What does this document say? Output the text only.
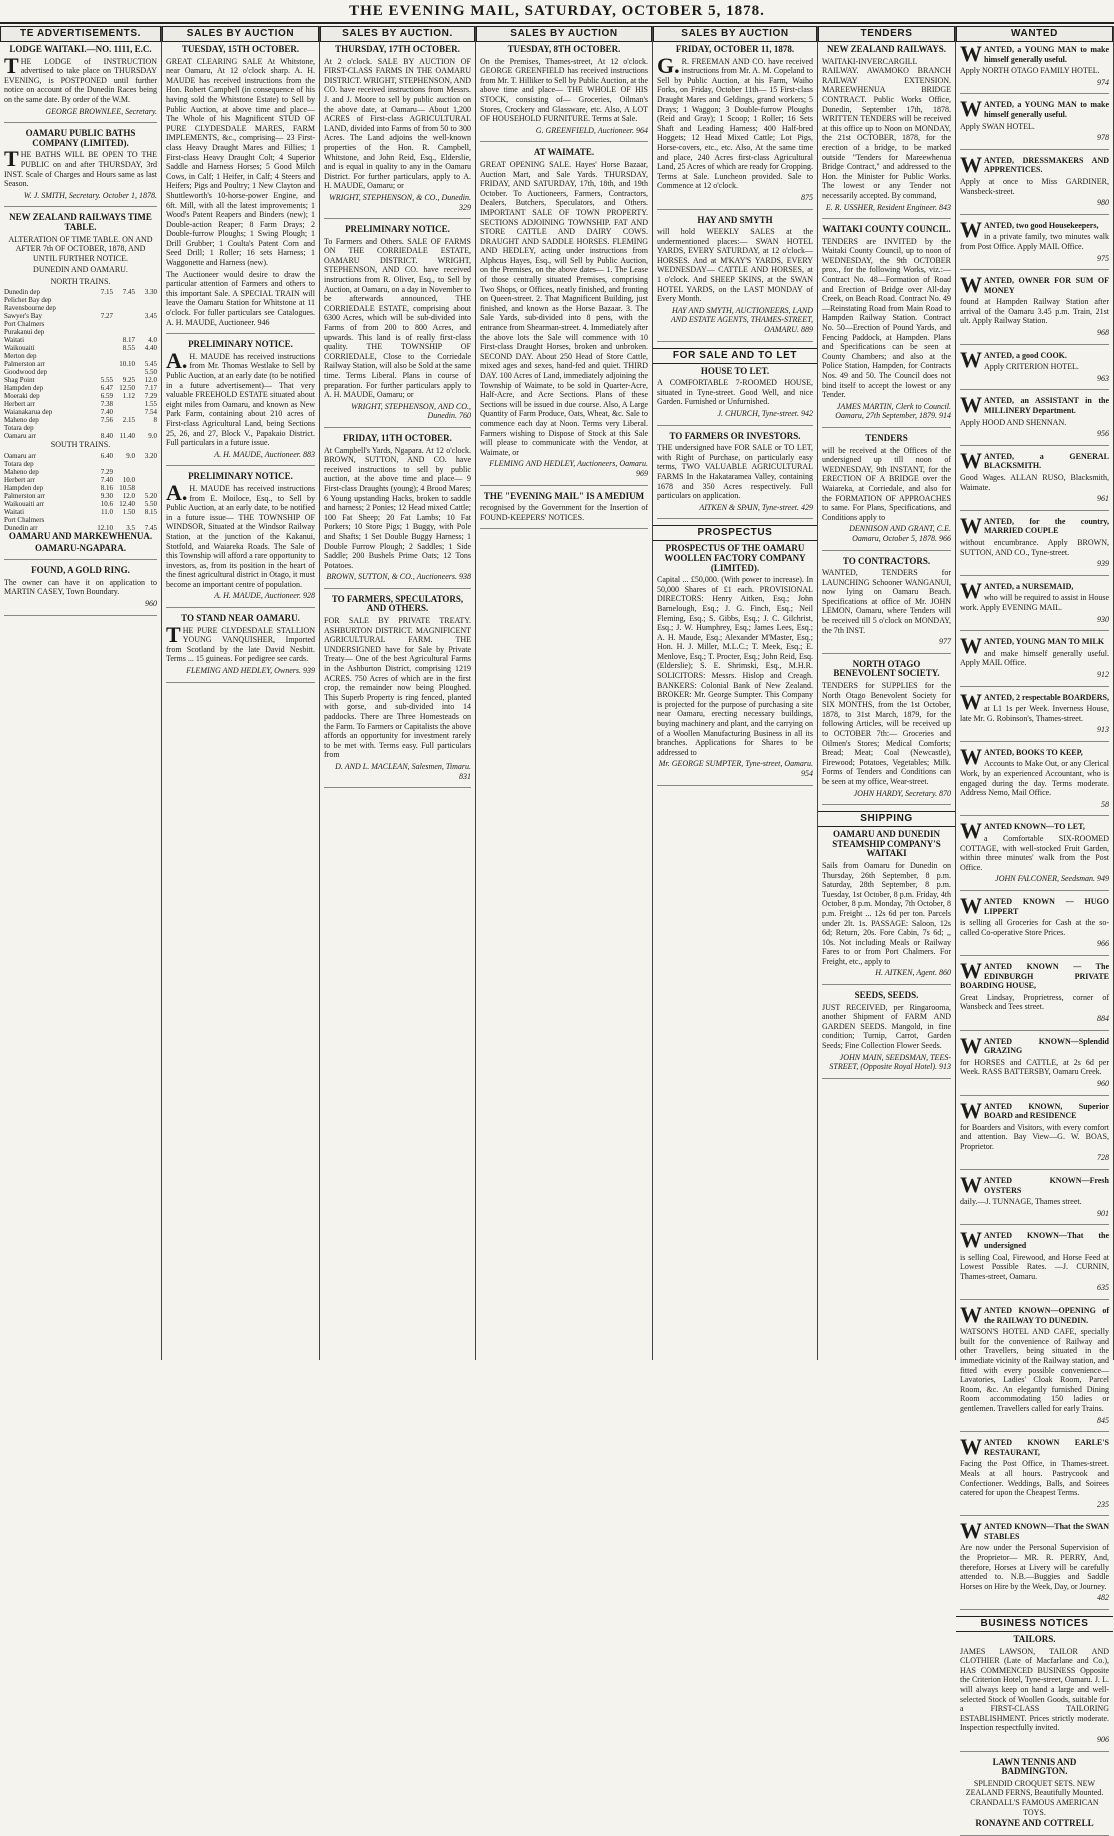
THE EVENING MAIL, SATURDAY, OCTOBER 5, 1878.
TE ADVERTISEMENTS.

LODGE WAITAKI.—NO. 1111, E.C.

THE LODGE of INSTRUCTION advertised to take place on THURSDAY EVENING, is POSTPONED until further notice on account of the Dunedin Races being on the same date. By order of the W.M.

GEORGE BROWNLEE, Secretary.

OAMARU PUBLIC BATHS COMPANY (LIMITED).

THE BATHS WILL BE OPEN TO THE PUBLIC on and after THURSDAY, 3rd INST. Scale of Charges and Hours same as last Season.

W. J. SMITH, Secretary. October 1, 1878.

NEW ZEALAND RAILWAYS TIME TABLE.

ALTERATION OF TIME TABLE. ON AND AFTER 7th OF OCTOBER, 1878, AND UNTIL FURTHER NOTICE.

DUNEDIN AND OAMARU.

NORTH TRAINS.

Dunedin dep	7.15	7.45	3.30
Pelichet Bay dep			
Ravensbourne dep			
Sawyer's Bay	7.27		3.45
Port Chalmers			
Purakanui dep			
Waitati		8.17	4.0
Waikouaiti		8.55	4.40
Merton dep			
Palmerston arr		10.10	5.45
Goodwood dep			5.50
Shag Point	5.55	9.25	12.0
Hampden dep	6.47	12.50	7.17
Moeraki dep	6.59	1.12	7.29
Herbert arr	7.38		1.55
Waianakarua dep	7.40		7.54
Maheno dep	7.56	2.15	8
Totara dep			
Oamaru arr	8.40	11.40	9.0

SOUTH TRAINS.

Oamaru arr	6.40	9.0	3.20
Totara dep			
Maheno dep	7.29		
Herbert arr	7.40	10.0	
Hampden dep	8.16	10.58	
Palmerston arr	9.30	12.0	5.20
Waikouaiti arr	10.6	12.40	5.50
Waitati	11.0	1.50	8.15
Port Chalmers			
Dunedin arr	12.10	3.5	7.45

OAMARU AND MARKEWHENUA.

OAMARU-NGAPARA.

FOUND, A GOLD RING.

The owner can have it on application to MARTIN CASEY, Town Boundary.

960

SALES BY AUCTION

TUESDAY, 15TH OCTOBER.

GREAT CLEARING SALE At Whitstone, near Oamaru, At 12 o'clock sharp. A. H. MAUDE has received instructions from the Hon. Robert Campbell (in consequence of his having sold the Whitstone Estate) to Sell by Public Auction, at above time and place— The Whole of his Magnificent STUD OF PURE CLYDESDALE MARES, FARM IMPLEMENTS, &c., comprising— 23 First-class Heavy Draught Mares and Fillies; 1 First-class Heavy Draught Colt; 4 Superior Saddle and Harness Horses; 5 Good Milch Cows, in Calf; 1 Heifer, in Calf; 4 Steers and Heifers; Pigs and Poultry; 1 New Clayton and Shuttleworth's 10-horse-power Engine, and 6ft. Mill, with all the latest improvements; 1 Wood's Patent Reapers and Binders (new); 1 Double-action Reaper; 8 Farm Drays; 2 Double-furrow Ploughs; 1 Swing Plough; 1 Drill Grubber; 1 Coulta's Patent Corn and Seed Drill; 1 Roller; 16 sets Harness; 1 Waggonette and Harness (new).

The Auctioneer would desire to draw the particular attention of Farmers and others to this important Sale. A SPECIAL TRAIN will leave the Oamaru Station for Whitstone at 11 o'clock. For fuller particulars see Catalogues. A. H. MAUDE, Auctioneer. 946

PRELIMINARY NOTICE.

A.H. MAUDE has received instructions from Mr. Thomas Westlake to Sell by Public Auction, at an early date (to be notified in a future advertisement)— That very valuable FREEHOLD ESTATE situated about eight miles from Oamaru, and known as New Park Farm, containing about 210 acres of First-class Agricultural Land, being Sections 25, 26, and 27, Block V., Papakaio District. Full particulars in a future issue.

A. H. MAUDE, Auctioneer. 883

PRELIMINARY NOTICE.

A.H. MAUDE has received instructions from E. Moiloce, Esq., to Sell by Public Auction, at an early date, to be notified in a future issue— THE TOWNSHIP OF WINDSOR, Situated at the Windsor Railway Station, at the junction of the Kakanui, Stotfold, and Waiareka Roads. The Sale of this Township will afford a rare opportunity to investors, as, from its position in the heart of the finest agricultural district in Otago, it must become an important centre of population.

A. H. MAUDE, Auctioneer. 928

TO STAND NEAR OAMARU.

THE PURE CLYDESDALE STALLION YOUNG VANQUISHER, Imported from Scotland by the late David Nesbitt. Terms ... 15 guineas. For pedigree see cards.

FLEMING AND HEDLEY, Owners. 939

SALES BY AUCTION.

THURSDAY, 17TH OCTOBER.

At 2 o'clock. SALE BY AUCTION OF FIRST-CLASS FARMS IN THE OAMARU DISTRICT. WRIGHT, STEPHENSON, AND CO. have received instructions from Messrs. J. and J. Moore to sell by public auction on the above date, at Oamaru— About 1,200 ACRES of First-class AGRICULTURAL LAND, divided into Farms of from 50 to 300 Acres. The Land adjoins the well-known properties of the Hon. R. Campbell, Whitstone, and John Reid, Esq., Elderslie, and is equal in quality to any in the Oamaru District. For further particulars, apply to A. H. MAUDE, Oamaru; or

WRIGHT, STEPHENSON, & CO., Dunedin. 329

PRELIMINARY NOTICE.

To Farmers and Others. SALE OF FARMS ON THE CORRIEDALE ESTATE, OAMARU DISTRICT. WRIGHT, STEPHENSON, AND CO. have received instructions from R. Oliver, Esq., to Sell by Auction, at Oamaru, on a day in November to be afterwards announced, THE CORRIEDALE ESTATE, comprising about 6300 Acres, which will be sub-divided into Farms of from 200 to 800 Acres, and upwards. This land is of really first-class quality. THE TOWNSHIP OF CORRIEDALE, Close to the Corriedale Railway Station, will also be Sold at the same time. Terms Liberal. Plans in course of preparation. For further particulars apply to A. H. MAUDE, Oamaru; or

WRIGHT, STEPHENSON, AND CO., Dunedin. 760

FRIDAY, 11TH OCTOBER.

At Campbell's Yards, Ngapara. At 12 o'clock. BROWN, SUTTON, AND CO. have received instructions to sell by public auction, at the above time and place— 9 First-class Draughts (young); 4 Brood Mares; 6 Young upstanding Hacks, broken to saddle and harness; 2 Ponies; 12 Head mixed Cattle; 100 Fat Sheep; 20 Fat Lambs; 10 Fat Porkers; 10 Store Pigs; 1 Buggy, with Pole and Shafts; 1 Set Double Buggy Harness; 1 Double Furrow Plough; 2 Saddles; 1 Side Saddle; 200 Bushels Prime Oats; 12 Tons Potatoes.

BROWN, SUTTON, & CO., Auctioneers. 938

TO FARMERS, SPECULATORS, AND OTHERS.

FOR SALE BY PRIVATE TREATY. ASHBURTON DISTRICT. MAGNIFICENT AGRICULTURAL FARM. THE UNDERSIGNED have for Sale by Private Treaty— One of the best Agricultural Farms in the Ashburton District, comprising 1219 ACRES. 750 Acres of which are in the first crop, the remainder now being Ploughed. This Superb Property is ring fenced, planted with gorse, and sub-divided into 14 paddocks. There are Three Homesteads on the Farm. To Farmers or Capitalists the above affords an opportunity for investment rarely to be met with. Terms easy. Full particulars from

D. AND L. MACLEAN, Salesmen, Timaru. 831

SALES BY AUCTION

TUESDAY, 8TH OCTOBER.

On the Premises, Thames-street, At 12 o'clock. GEORGE GREENFIELD has received instructions from Mr. T. Hilliker to Sell by Public Auction, at the above time and place— THE WHOLE OF HIS STOCK, consisting of— Groceries, Oilman's Stores, Crockery and Glassware, etc. Also, A LOT OF HOUSEHOLD FURNITURE. Terms at Sale.

G. GREENFIELD, Auctioneer. 964

AT WAIMATE.

GREAT OPENING SALE. Hayes' Horse Bazaar, Auction Mart, and Sale Yards. THURSDAY, FRIDAY, AND SATURDAY, 17th, 18th, and 19th October. To Auctioneers, Farmers, Contractors, Dealers, Butchers, Speculators, and Others. IMPORTANT SALE OF TOWN PROPERTY. SECTIONS ADJOINING TOWNSHIP. FAT AND STORE CATTLE AND DAIRY COWS. DRAUGHT AND SADDLE HORSES. FLEMING AND HEDLEY, acting under instructions from Alphcus Hayes, Esq., will Sell by Public Auction, on the Premises, on the above dates— 1. The Lease of those centrally situated Premises, comprising Two Shops, or Offices, neatly finished, and fronting on Queen-street. 2. That Magnificent Building, just finished, and known as the Horse Bazaar. 3. The Sale Yards, sub-divided into 8 pens, with the entrance from Shearman-street. 4. Immediately after the above lots the Sale will commence with 10 First-class Draught Horses, broken and unbroken. SECOND DAY. About 250 Head of Store Cattle, mixed ages and sexes, hand-fed and quiet. THIRD DAY. 100 Acres of Land, immediately adjoining the Township of Waimate, to be sold in Quarter-Acre, Half-Acre, and Acre Sections. Plans of these Sections will be issued in due course. Also, A Large Quantity of Farm Produce, Oats, Wheat, &c. Sale to commence each day at Noon. Terms very Liberal. Farmers wishing to Dispose of Stock at this Sale will please to communicate with the Vendor, at Waimate, or

FLEMING AND HEDLEY, Auctioneers, Oamaru. 969

THE "EVENING MAIL" IS A MEDIUM

recognised by the Government for the Insertion of FOUND-KEEPERS' NOTICES.

SALES BY AUCTION

FRIDAY, OCTOBER 11, 1878.

G.R. FREEMAN AND CO. have received instructions from Mr. A. M. Copeland to Sell by Public Auction, at his Farm, Waiho Forks, on Friday, October 11th— 15 First-class Draught Mares and Geldings, grand workers; 5 Drays; 1 Waggon; 3 Double-furrow Ploughs (Reid and Gray); 1 Scoop; 1 Roller; 16 Sets Shaft and Leading Harness; 400 Half-bred Hoggets; 12 Head Mixed Cattle; Lot Pigs, Horse-covers, etc., etc. Also, At the same time and place, 240 Acres first-class Agricultural Land, 25 Acres of which are ready for Cropping. Terms at Sale. Luncheon provided. Sale to Commence at 12 o'clock.

875

HAY AND SMYTH

will hold WEEKLY SALES at the undermentioned places:— SWAN HOTEL YARDS, EVERY SATURDAY, at 12 o'clock— HORSES. And at M'KAY'S YARDS, EVERY WEDNESDAY— CATTLE AND HORSES, at 1 o'clock. And SHEEP SKINS, at the SWAN HOTEL YARDS, on the LAST MONDAY of Every Month.

HAY AND SMYTH, AUCTIONEERS, LAND AND ESTATE AGENTS, THAMES-STREET, OAMARU. 889

FOR SALE AND TO LET

HOUSE TO LET.

A COMFORTABLE 7-ROOMED HOUSE, situated in Tyne-street. Good Well, and nice Garden. Furnished or Unfurnished.

J. CHURCH, Tyne-street. 942

TO FARMERS OR INVESTORS.

THE undersigned have FOR SALE or TO LET, with Right of Purchase, on particularly easy terms, TWO VALUABLE AGRICULTURAL FARMS In the Hakataramea Valley, containing 1678 and 350 Acres respectively. Full particulars on application.

AITKEN & SPAIN, Tyne-street. 429

PROSPECTUS

PROSPECTUS OF THE OAMARU WOOLLEN FACTORY COMPANY (LIMITED).

Capital ... £50,000. (With power to increase). In 50,000 Shares of £1 each. PROVISIONAL DIRECTORS: Henry Aitken, Esq.; John Barnelough, Esq.; J. G. Finch, Esq.; Neil Fleming, Esq.; S. Gibbs, Esq.; J. C. Gilchrist, Esq.; J. W. Humphrey, Esq.; James Lees, Esq.; A. H. Maude, Esq.; Alexander M'Master, Esq.; Hon. H. J. Miller, M.L.C.; T. Meek, Esq.; E. Menlove, Esq.; T. Procter, Esq.; John Reid, Esq. (Elderslie); S. E. Shrimski, Esq., M.H.R. SOLICITORS: Messrs. Hislop and Creagh. BANKERS: Colonial Bank of New Zealand. BROKER: Mr. George Sumpter. This Company is projected for the purpose of purchasing a site near Oamaru, erecting necessary buildings, buying machinery and plant, and the carrying on of a Woollen Manufacturing Business in all its branches. Applications for Shares to be addressed to

Mr. GEORGE SUMPTER, Tyne-street, Oamaru. 954

TENDERS

NEW ZEALAND RAILWAYS.

WAITAKI-INVERCARGILL RAILWAY. AWAMOKO BRANCH RAILWAY EXTENSION. MAREEWHENUA BRIDGE CONTRACT. Public Works Office, Dunedin, September 17th, 1878. WRITTEN TENDERS will be received at this office up to Noon on MONDAY, the 21st OCTOBER, 1878, for the erection of a bridge, to be marked outside "Tenders for Mareewhenua Bridge Contract," and addressed to the Hon. the Minister for Public Works. The lowest or any Tender not necessarily accepted. By command,

E. R. USSHER, Resident Engineer. 843

WAITAKI COUNTY COUNCIL.

TENDERS are INVITED by the Waitaki County Council, up to noon of WEDNESDAY, the 9th OCTOBER prox., for the following Works, viz.:— Contract No. 48—Formation of Road and Erection of Bridge over All-day Creek, on Beach Road. Contract No. 49—Reinstating Road from Main Road to Hampden Railway Station. Contract No. 50—Erection of Pound Yards, and Fencing Paddock, at Hampden. Plans and Specifications can be seen at County Chambers; and also at the Police Station, Hampden, for Contracts Nos. 49 and 50. The Council does not bind itself to accept the lowest or any Tender.

JAMES MARTIN, Clerk to Council. Oamaru, 27th September, 1879. 914

TENDERS

will be received at the Offices of the undersigned up till noon of WEDNESDAY, 9th INSTANT, for the ERECTION OF A BRIDGE over the Waiareka, at Corriedale, and also for the FORMATION OF APPROACHES to same. For Plans, Specifications, and Conditions apply to

DENNISON AND GRANT, C.E. Oamaru, October 5, 1878. 966

TO CONTRACTORS.

WANTED, TENDERS for LAUNCHING Schooner WANGANUI, now lying on Oamaru Beach. Specifications at office of Mr. JOHN LEMON, Oamaru, where Tenders will be received till 5 o'clock on MONDAY, the 7th INST.

977

NORTH OTAGO BENEVOLENT SOCIETY.

TENDERS for SUPPLIES for the North Otago Benevolent Society for SIX MONTHS, from the 1st October, 1878, to 31st March, 1879, for the following Articles, will be received up to OCTOBER 7th:— Groceries and Oilmen's Stores; Medical Comforts; Bread; Meat; Coal (Newcastle), Firewood; Potatoes, Vegetables; Milk. Forms of Tenders and Conditions can be seen at my office, Wear-street.

JOHN HARDY, Secretary. 870

SHIPPING

OAMARU AND DUNEDIN STEAMSHIP COMPANY'S WAITAKI

Sails from Oamaru for Dunedin on Thursday, 26th September, 8 p.m. Saturday, 28th September, 8 p.m. Tuesday, 1st October, 8 p.m. Friday, 4th October, 8 p.m. Monday, 7th October, 8 p.m. Freight ... 12s 6d per ton. Parcels under 2lt. 1s. PASSAGE: Saloon, 12s 6d; Return, 20s. Fore Cabin, 7s 6d; ,, 10s. Not including Meals or Railway Fares to or from Port Chalmers. For Freight, etc., apply to

H. AITKEN, Agent. 860

SEEDS, SEEDS.

JUST RECEIVED, per Ringarooma, another Shipment of FARM AND GARDEN SEEDS. Mangold, in fine condition; Turnip, Carrot, Garden Seeds; Fine Collection Flower Seeds.

JOHN MAIN, SEEDSMAN, TEES-STREET, (Opposite Royal Hotel). 913

WANTED

WANTED, a YOUNG MAN to make himself generally useful.

Apply NORTH OTAGO FAMILY HOTEL.

974

WANTED, a YOUNG MAN to make himself generally useful.

Apply SWAN HOTEL.

978

WANTED, DRESSMAKERS AND APPRENTICES.

Apply at once to Miss GARDINER, Wansbeck-street.

980

WANTED, two good Housekeepers,

in a private family, two minutes walk from Post Office. Apply MAIL Office.

975

WANTED, OWNER FOR SUM OF MONEY

found at Hampden Railway Station after arrival of the Oamaru 3.45 p.m. Train, 21st ult. Apply Railway Station.

968

WANTED, a good COOK.

Apply CRITERION HOTEL.

963

WANTED, an ASSISTANT in the MILLINERY Department.

Apply HOOD AND SHENNAN.

956

WANTED, a GENERAL BLACKSMITH.

Good Wages. ALLAN RUSO, Blacksmith, Waimate.

961

WANTED, for the country, MARRIED COUPLE

without encumbrance. Apply BROWN, SUTTON, AND CO., Tyne-street.

939

WANTED, a NURSEMAID,

who will be required to assist in House work. Apply EVENING MAIL.

930

WANTED, YOUNG MAN TO MILK

and make himself generally useful. Apply MAIL Office.

912

WANTED, 2 respectable BOARDERS,

at L1 1s per Week. Inverness House, late Mr. G. Robinson's, Thames-street.

913

WANTED, BOOKS TO KEEP,

Accounts to Make Out, or any Clerical Work, by an experienced Accountant, who is engaged during the day. Terms moderate. Address Nemo, Mail Office.

58

WANTED KNOWN—TO LET,

a Comfortable SIX-ROOMED COTTAGE, with well-stocked Fruit Garden, within three minutes' walk from the Post Office.

JOHN FALCONER, Seedsman. 949

WANTED KNOWN — HUGO LIPPERT

is selling all Groceries for Cash at the so-called Co-operative Store Prices.

966

WANTED KNOWN — The EDINBURGH PRIVATE BOARDING HOUSE,

Great Lindsay, Proprietress, corner of Wansbeck and Tees street.

884

WANTED KNOWN—Splendid GRAZING

for HORSES and CATTLE, at 2s 6d per Week. RASS BATTERSBY, Oamaru Creek.

960

WANTED KNOWN, Superior BOARD and RESIDENCE

for Boarders and Visitors, with every comfort and attention. Bay View—G. W. BOAS, Proprietor.

728

WANTED KNOWN—Fresh OYSTERS

daily.—J. TUNNAGE, Thames street.

901

WANTED KNOWN—That the undersigned

is selling Coal, Firewood, and Horse Feed at Lowest Possible Rates. —J. CURNIN, Thames-street, Oamaru.

635

WANTED KNOWN—OPENING of the RAILWAY TO DUNEDIN.

WATSON'S HOTEL AND CAFE, specially built for the convenience of Railway and other Travellers, being situated in the immediate vicinity of the Railway station, and fitted with every possible convenience— Lavatories, Ladies' Cloak Room, Parcel Room, &c. An elegantly furnished Dining Room accommodating 150 ladies or gentlemen. Travellers called for early Trains.

845

WANTED KNOWN EARLE'S RESTAURANT,

Facing the Post Office, in Thames-street. Meals at all hours. Pastrycook and Confectioner. Weddings, Balls, and Soirees catered for upon the Cheapest Terms.

235

WANTED KNOWN—That the SWAN STABLES

Are now under the Personal Supervision of the Proprietor— MR. R. PERRY, And, therefore, Horses at Livery will be carefully attended to. N.B.—Buggies and Saddle Horses on Hire by the Week, Day, or Journey.

482

BUSINESS NOTICES

TAILORS.

JAMES LAWSON, TAILOR AND CLOTHIER (Late of Macfarlane and Co.), HAS COMMENCED BUSINESS Opposite the Criterion Hotel, Tyne-street, Oamaru. J. L. will always keep on hand a large and well-selected Stock of Woollen Goods, suitable for a FIRST-CLASS TAILORING ESTABLISHMENT. Prices strictly moderate. Inspection respectfully invited.

906

LAWN TENNIS AND BADMINGTON.

SPLENDID CROQUET SETS. NEW ZEALAND FERNS, Beautifully Mounted. CRANDALL'S FAMOUS AMERICAN TOYS.

RONAYNE AND COTTRELL
